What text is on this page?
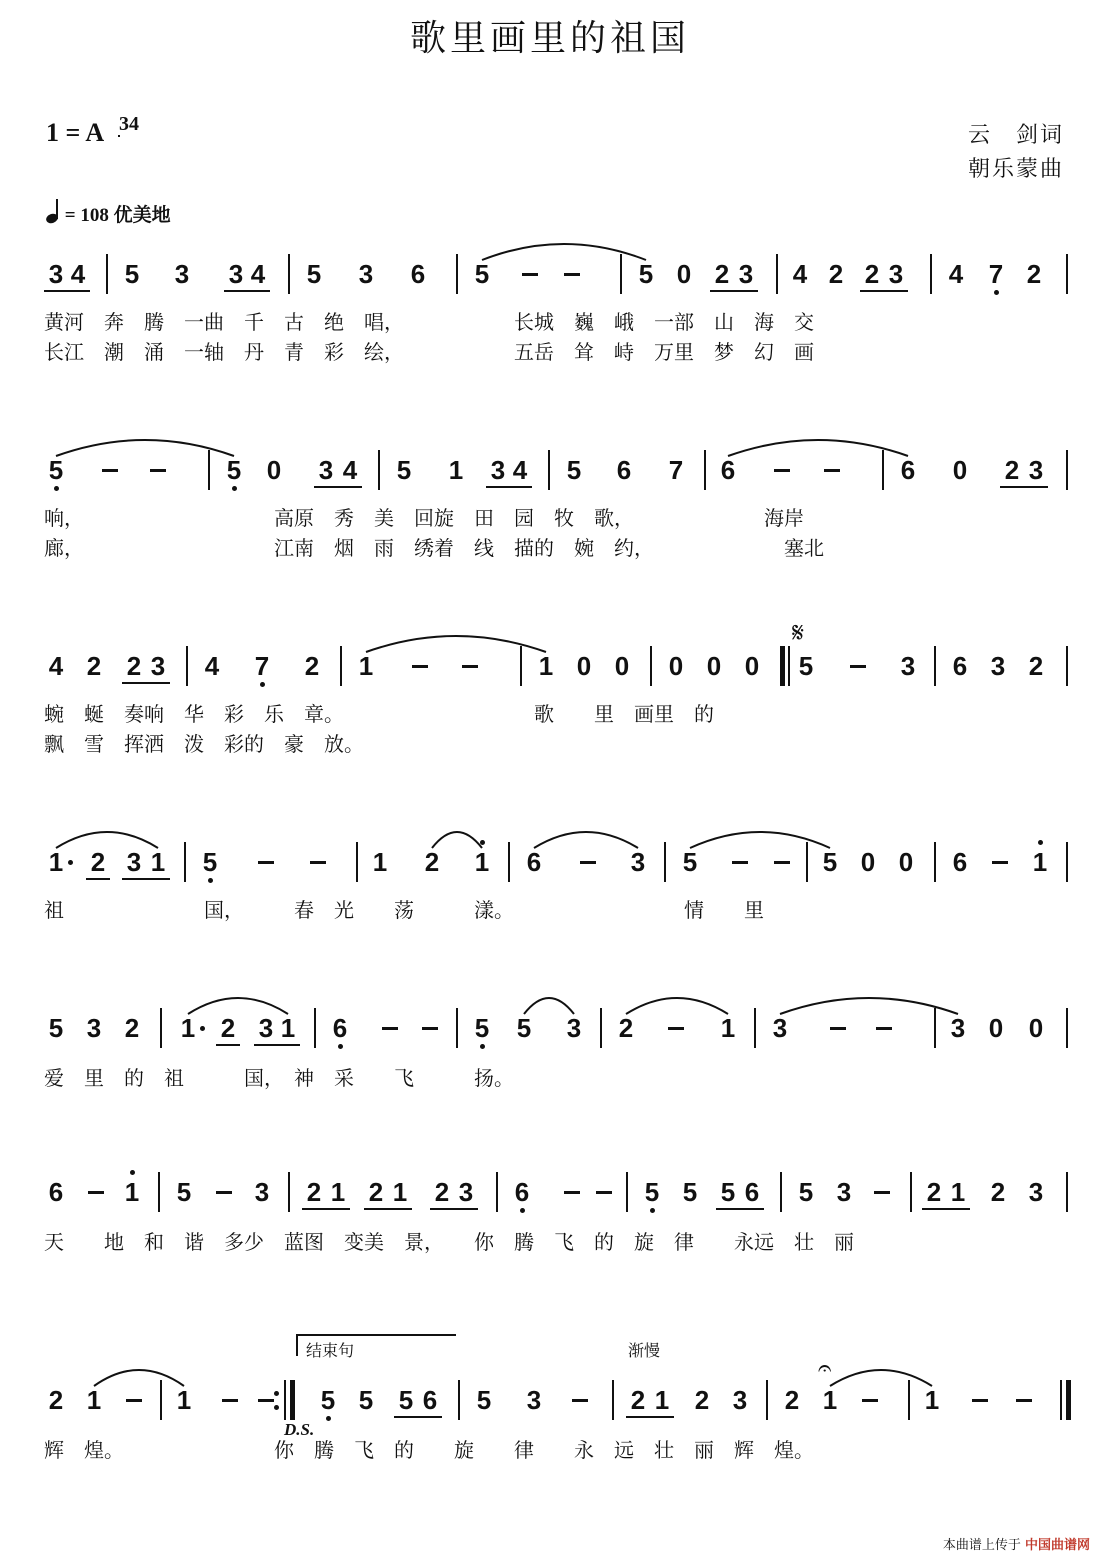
歌里画里的祖国
1 = A 3
4	云　剑词
朝乐蒙曲
= 108 优美地
3 4 5 3 3 4 5 3 6 5	5 0 2 3 4 2 2 3 4 7 2
5	5 0 3 4 5 1 3 4 5 6 7 6	6 0 2 3
4 2 2 3 4 7 2 1	1 0 0 0 0 0 5	3 6 3 2
1 2 3 1 5	1 2 1 6	3 5	5 0 0 6	1
5 3 2 1 2 3 1 6	5 5 3 2	1 3	3 0 0
6 1 5 3 2 1 2 1 2 3 6	5 5 5 6 5 3	2 1 2 3
2 1	1	5 5 5 6 5 3	2 1 2 3 2 1	1
黄河　奔　腾　一曲　千　古　绝　唱，　　　　　　长城　巍　峨　一部　山　海　交
长江　潮　涌　一轴　丹　青　彩　绘，　　　　　　五岳　耸　峙　万里　梦　幻　画
响，　　　　　　　　　　高原　秀　美　回旋　田　园　牧　歌，　　　　　　　海岸
廊，　　　　　　　　　　江南　烟　雨　绣着　线　描的　婉　约，　　　　　　　塞北
蜿　蜒　奏响　华　彩　乐　章。　　　　　　　　　　歌　　里　画里　的
飘　雪　挥洒　泼　彩的　豪　放。
祖　　　　　　　国，　　　春　光　　荡　　　漾。　　　　　　　　　情　　里
爱　里　的　祖　　　国，　神　采　　飞　　　扬。
天　　地　和　谐　多少　蓝图　变美　景，　　你　腾　飞　的　旋　律　　永远　壮　丽
辉　煌。　　　　　　　　你　腾　飞　的　　旋　　律　　永　远　壮　丽　辉　煌。
𝄋
结束句	渐慢
D.S.
𝄐
本曲谱上传于 中国曲谱网
